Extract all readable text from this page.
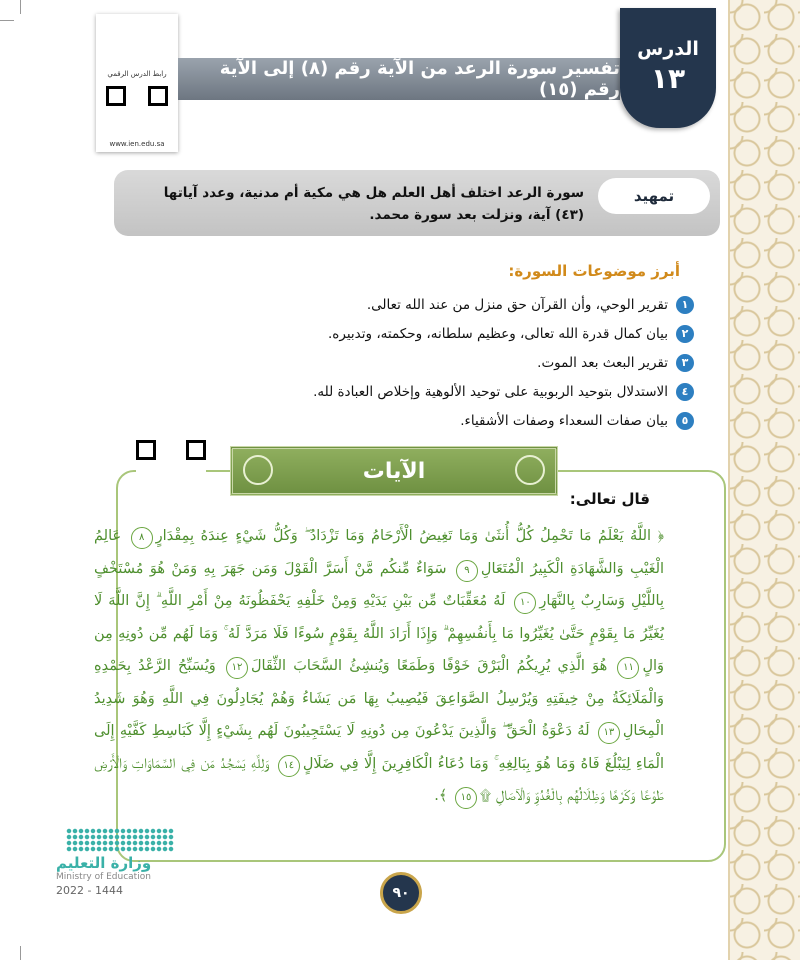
رابط الدرس الرقمي
www.ien.edu.sa
تفسير سورة الرعد من الآية رقم (٨) إلى الآية رقم (١٥)
الدرس
١٣
تمهيد
سورة الرعد اختلف أهل العلم هل هي مكية أم مدنية، وعدد آياتها (٤٣) آية، ونزلت بعد سورة محمد.
أبرز موضوعات السورة:
١
تقرير الوحي، وأن القرآن حق منزل من عند الله تعالى.
٢
بيان كمال قدرة الله تعالى، وعظيم سلطانه، وحكمته، وتدبيره.
٣
تقرير البعث بعد الموت.
٤
الاستدلال بتوحيد الربوبية على توحيد الألوهية وإخلاص العبادة لله.
٥
بيان صفات السعداء وصفات الأشقياء.
الآيات
قال تعالى:
﴿ اللَّهُ يَعْلَمُ مَا تَحْمِلُ كُلُّ أُنثَىٰ وَمَا تَغِيضُ الْأَرْحَامُ وَمَا تَزْدَادُ ۖ وَكُلُّ شَيْءٍ عِندَهُ بِمِقْدَارٍ٨ عَالِمُ الْغَيْبِ وَالشَّهَادَةِ الْكَبِيرُ الْمُتَعَالِ٩ سَوَاءٌ مِّنكُم مَّنْ أَسَرَّ الْقَوْلَ وَمَن جَهَرَ بِهِ وَمَنْ هُوَ مُسْتَخْفٍ بِاللَّيْلِ وَسَارِبٌ بِالنَّهَارِ١٠ لَهُ مُعَقِّبَاتٌ مِّن بَيْنِ يَدَيْهِ وَمِنْ خَلْفِهِ يَحْفَظُونَهُ مِنْ أَمْرِ اللَّهِ ۗ إِنَّ اللَّهَ لَا يُغَيِّرُ مَا بِقَوْمٍ حَتَّىٰ يُغَيِّرُوا مَا بِأَنفُسِهِمْ ۗ وَإِذَا أَرَادَ اللَّهُ بِقَوْمٍ سُوءًا فَلَا مَرَدَّ لَهُ ۚ وَمَا لَهُم مِّن دُونِهِ مِن وَالٍ١١ هُوَ الَّذِي يُرِيكُمُ الْبَرْقَ خَوْفًا وَطَمَعًا وَيُنشِئُ السَّحَابَ الثِّقَالَ١٢ وَيُسَبِّحُ الرَّعْدُ بِحَمْدِهِ وَالْمَلَائِكَةُ مِنْ خِيفَتِهِ وَيُرْسِلُ الصَّوَاعِقَ فَيُصِيبُ بِهَا مَن يَشَاءُ وَهُمْ يُجَادِلُونَ فِي اللَّهِ وَهُوَ شَدِيدُ الْمِحَالِ١٣ لَهُ دَعْوَةُ الْحَقِّ ۖ وَالَّذِينَ يَدْعُونَ مِن دُونِهِ لَا يَسْتَجِيبُونَ لَهُم بِشَيْءٍ إِلَّا كَبَاسِطِ كَفَّيْهِ إِلَى الْمَاءِ لِيَبْلُغَ فَاهُ وَمَا هُوَ بِبَالِغِهِ ۚ وَمَا دُعَاءُ الْكَافِرِينَ إِلَّا فِي ضَلَالٍ١٤ وَلِلَّهِ يَسْجُدُ مَن فِي السَّمَاوَاتِ وَالْأَرْضِ طَوْعًا وَكَرْهًا وَظِلَالُهُم بِالْغُدُوِّ وَالْآصَالِ ۩١٥ ﴾.
٩٠
وزارة التعليم
Ministry of Education
2022 - 1444
